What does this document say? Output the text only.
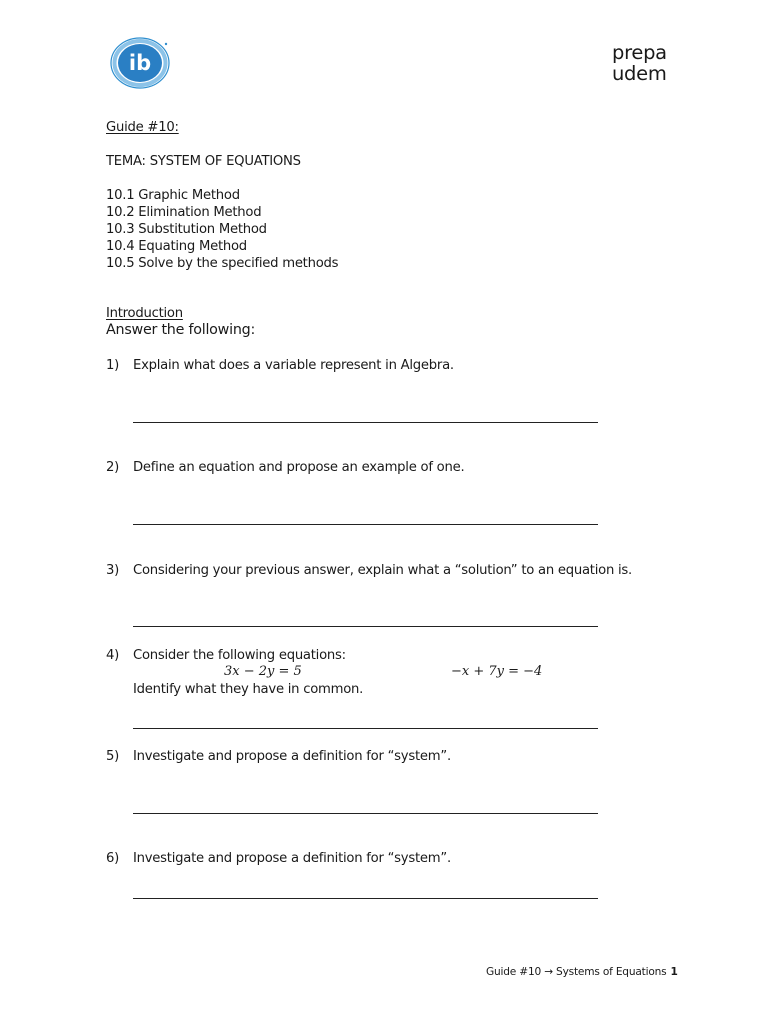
ib	prepa
udem
Guide #10:
TEMA: SYSTEM OF EQUATIONS
10.1 Graphic Method
10.2 Elimination Method
10.3 Substitution Method
10.4 Equating Method
10.5 Solve by the specified methods
Introduction
Answer the following:
1) Explain what does a variable represent in Algebra.
2) Define an equation and propose an example of one.
3) Considering your previous answer, explain what a “solution” to an equation is.
4) Consider the following equations:
3x − 2y = 5	−x + 7y = −4
Identify what they have in common.
5) Investigate and propose a definition for “system”.
6) Investigate and propose a definition for “system”.
Guide #10 → Systems of Equations 1
